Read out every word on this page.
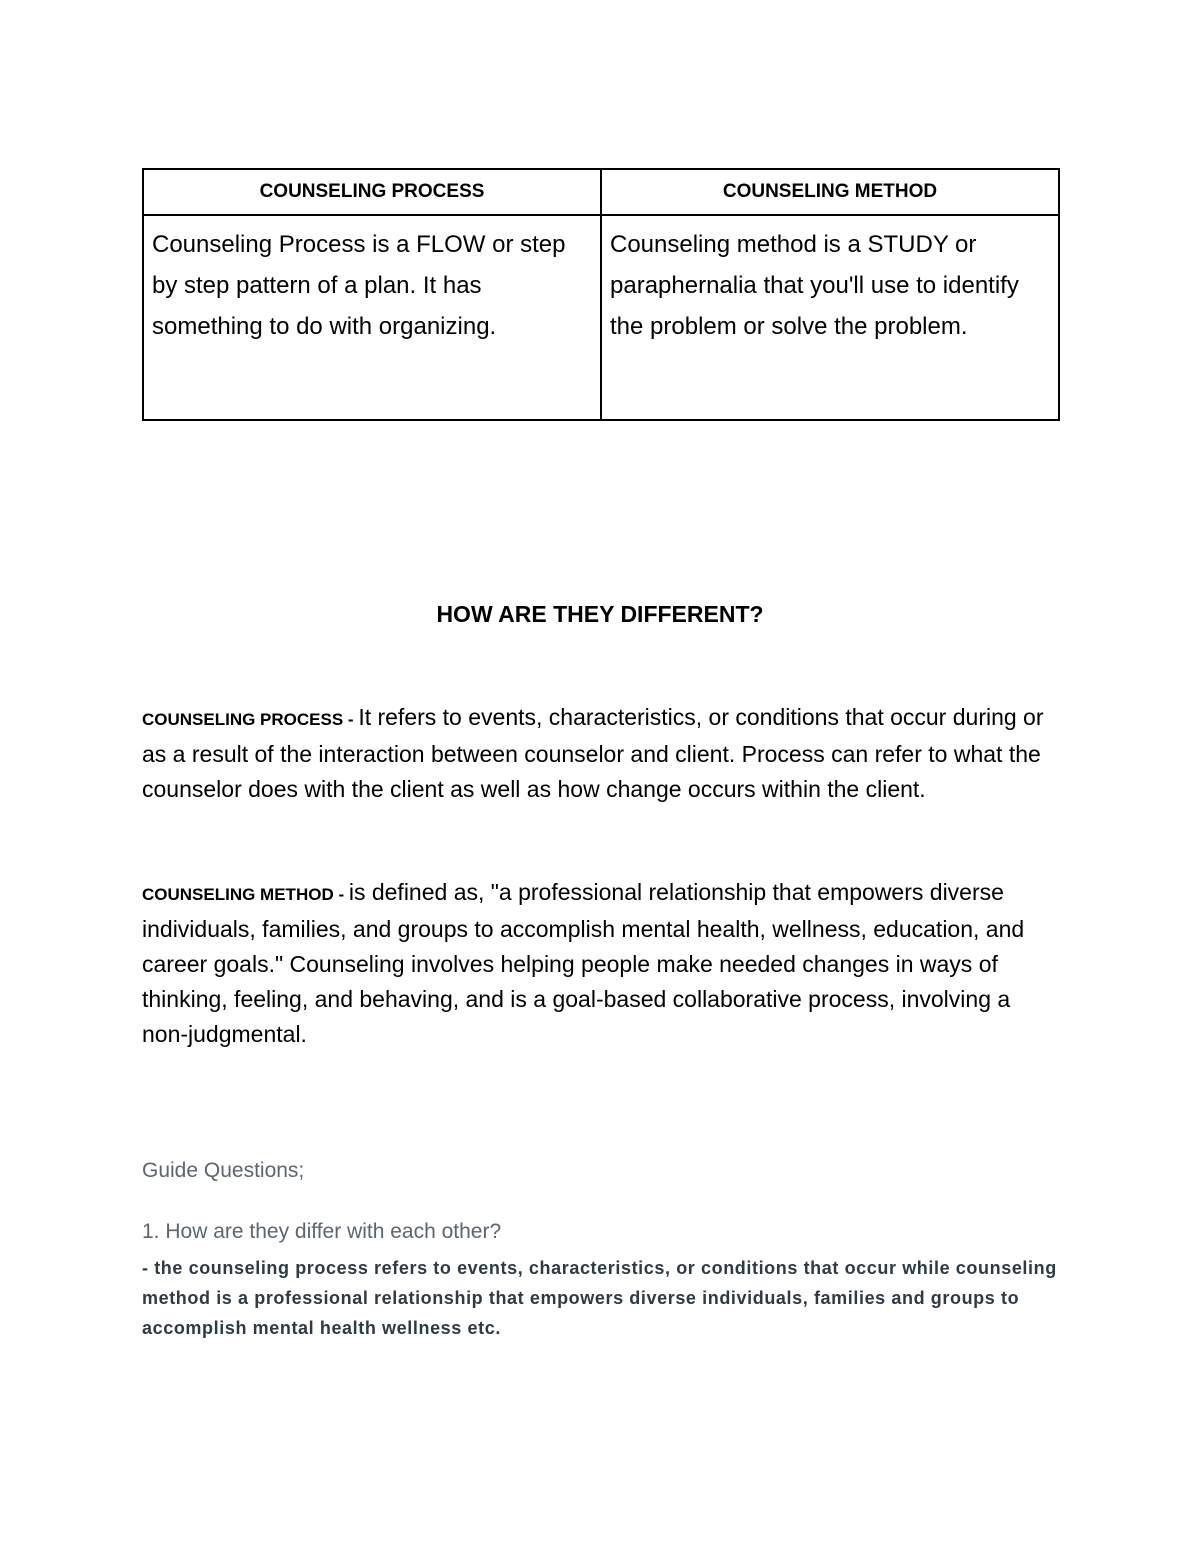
COUNSELING PROCESS	COUNSELING METHOD
Counseling Process is a FLOW or step by step pattern of a plan. It has something to do with organizing.	Counseling method is a STUDY or paraphernalia that you'll use to identify the problem or solve the problem.
HOW ARE THEY DIFFERENT?

COUNSELING PROCESS - It refers to events, characteristics, or conditions that occur during or as a result of the interaction between counselor and client. Process can refer to what the counselor does with the client as well as how change occurs within the client.

COUNSELING METHOD - is defined as, "a professional relationship that empowers diverse individuals, families, and groups to accomplish mental health, wellness, education, and career goals." Counseling involves helping people make needed changes in ways of thinking, feeling, and behaving, and is a goal-based collaborative process, involving a non-judgmental.

Guide Questions;
1. How are they differ with each other?
- the counseling process refers to events, characteristics, or conditions that occur while counseling method is a professional relationship that empowers diverse individuals, families and groups to accomplish mental health wellness etc.
